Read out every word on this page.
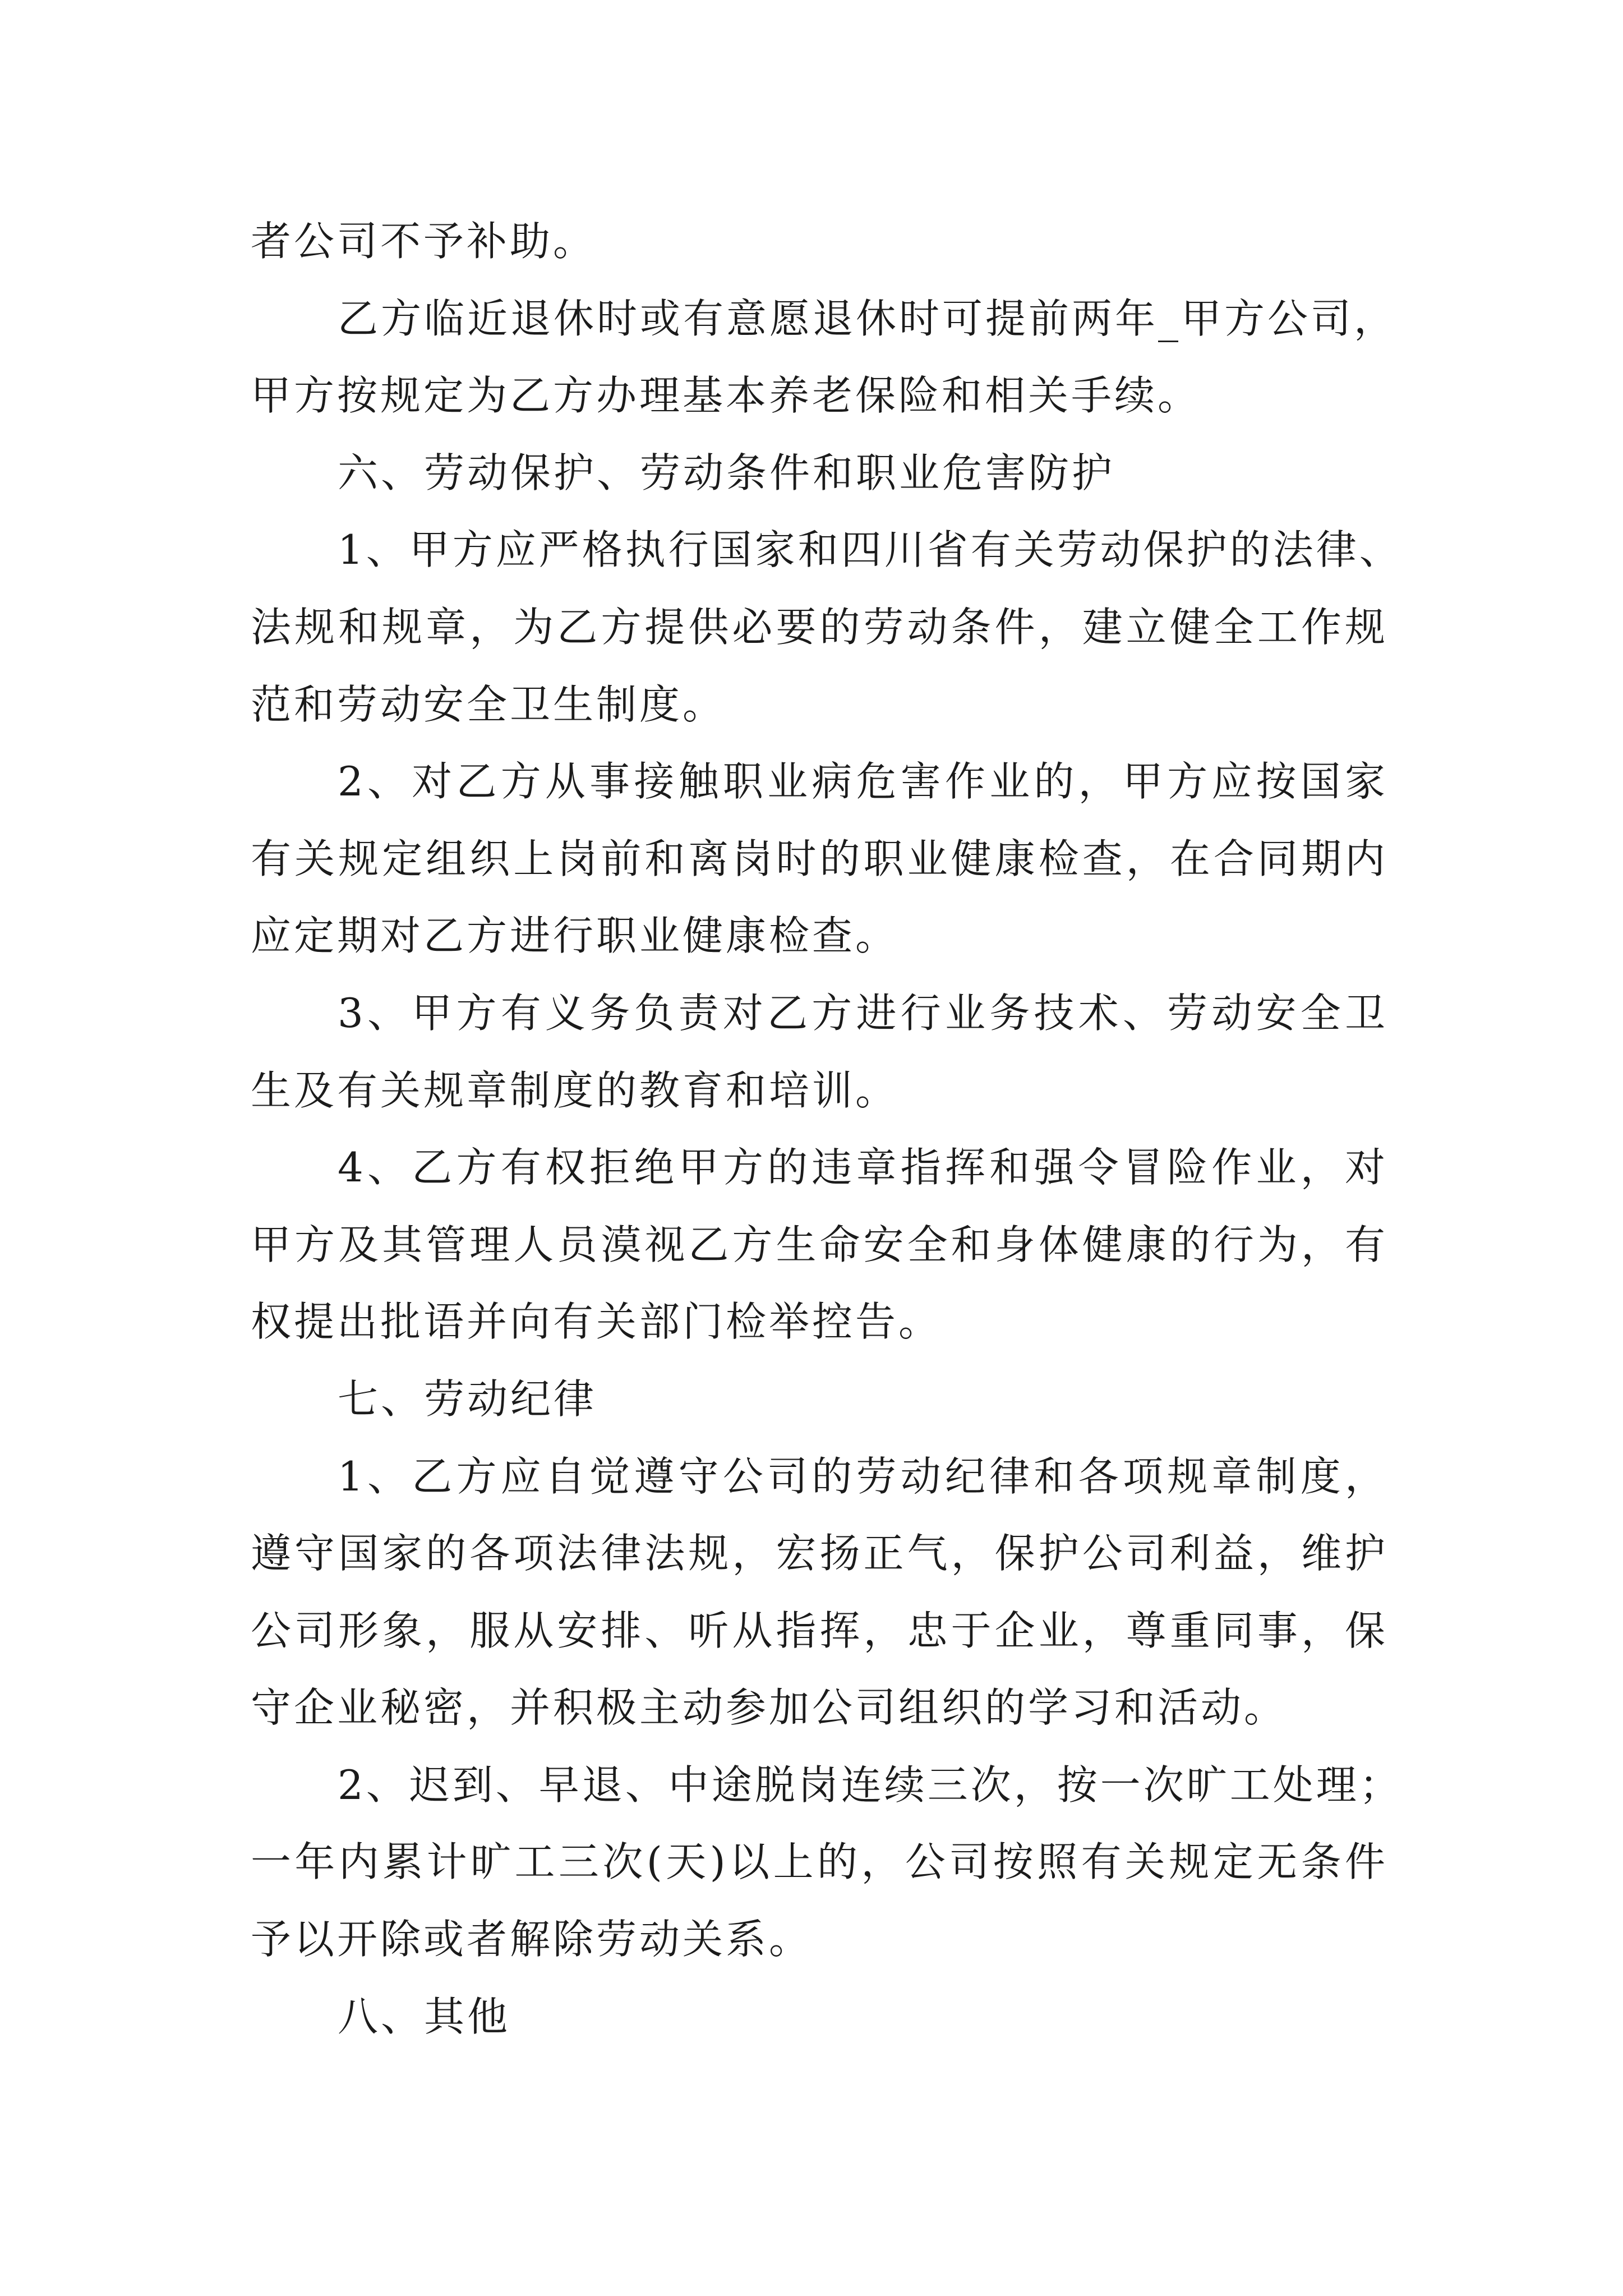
者公司不予补助。
乙方临近退休时或有意愿退休时可提前两年_甲方公司，
甲方按规定为乙方办理基本养老保险和相关手续。
六、劳动保护、劳动条件和职业危害防护
1、甲方应严格执行国家和四川省有关劳动保护的法律、
法规和规章，为乙方提供必要的劳动条件，建立健全工作规
范和劳动安全卫生制度。
2、对乙方从事接触职业病危害作业的，甲方应按国家
有关规定组织上岗前和离岗时的职业健康检查，在合同期内
应定期对乙方进行职业健康检查。
3、甲方有义务负责对乙方进行业务技术、劳动安全卫
生及有关规章制度的教育和培训。
4、乙方有权拒绝甲方的违章指挥和强令冒险作业，对
甲方及其管理人员漠视乙方生命安全和身体健康的行为，有
权提出批语并向有关部门检举控告。
七、劳动纪律
1、乙方应自觉遵守公司的劳动纪律和各项规章制度，
遵守国家的各项法律法规，宏扬正气，保护公司利益，维护
公司形象，服从安排、听从指挥，忠于企业，尊重同事，保
守企业秘密，并积极主动参加公司组织的学习和活动。
2、迟到、早退、中途脱岗连续三次，按一次旷工处理；
一年内累计旷工三次(天)以上的，公司按照有关规定无条件
予以开除或者解除劳动关系。
八、其他
